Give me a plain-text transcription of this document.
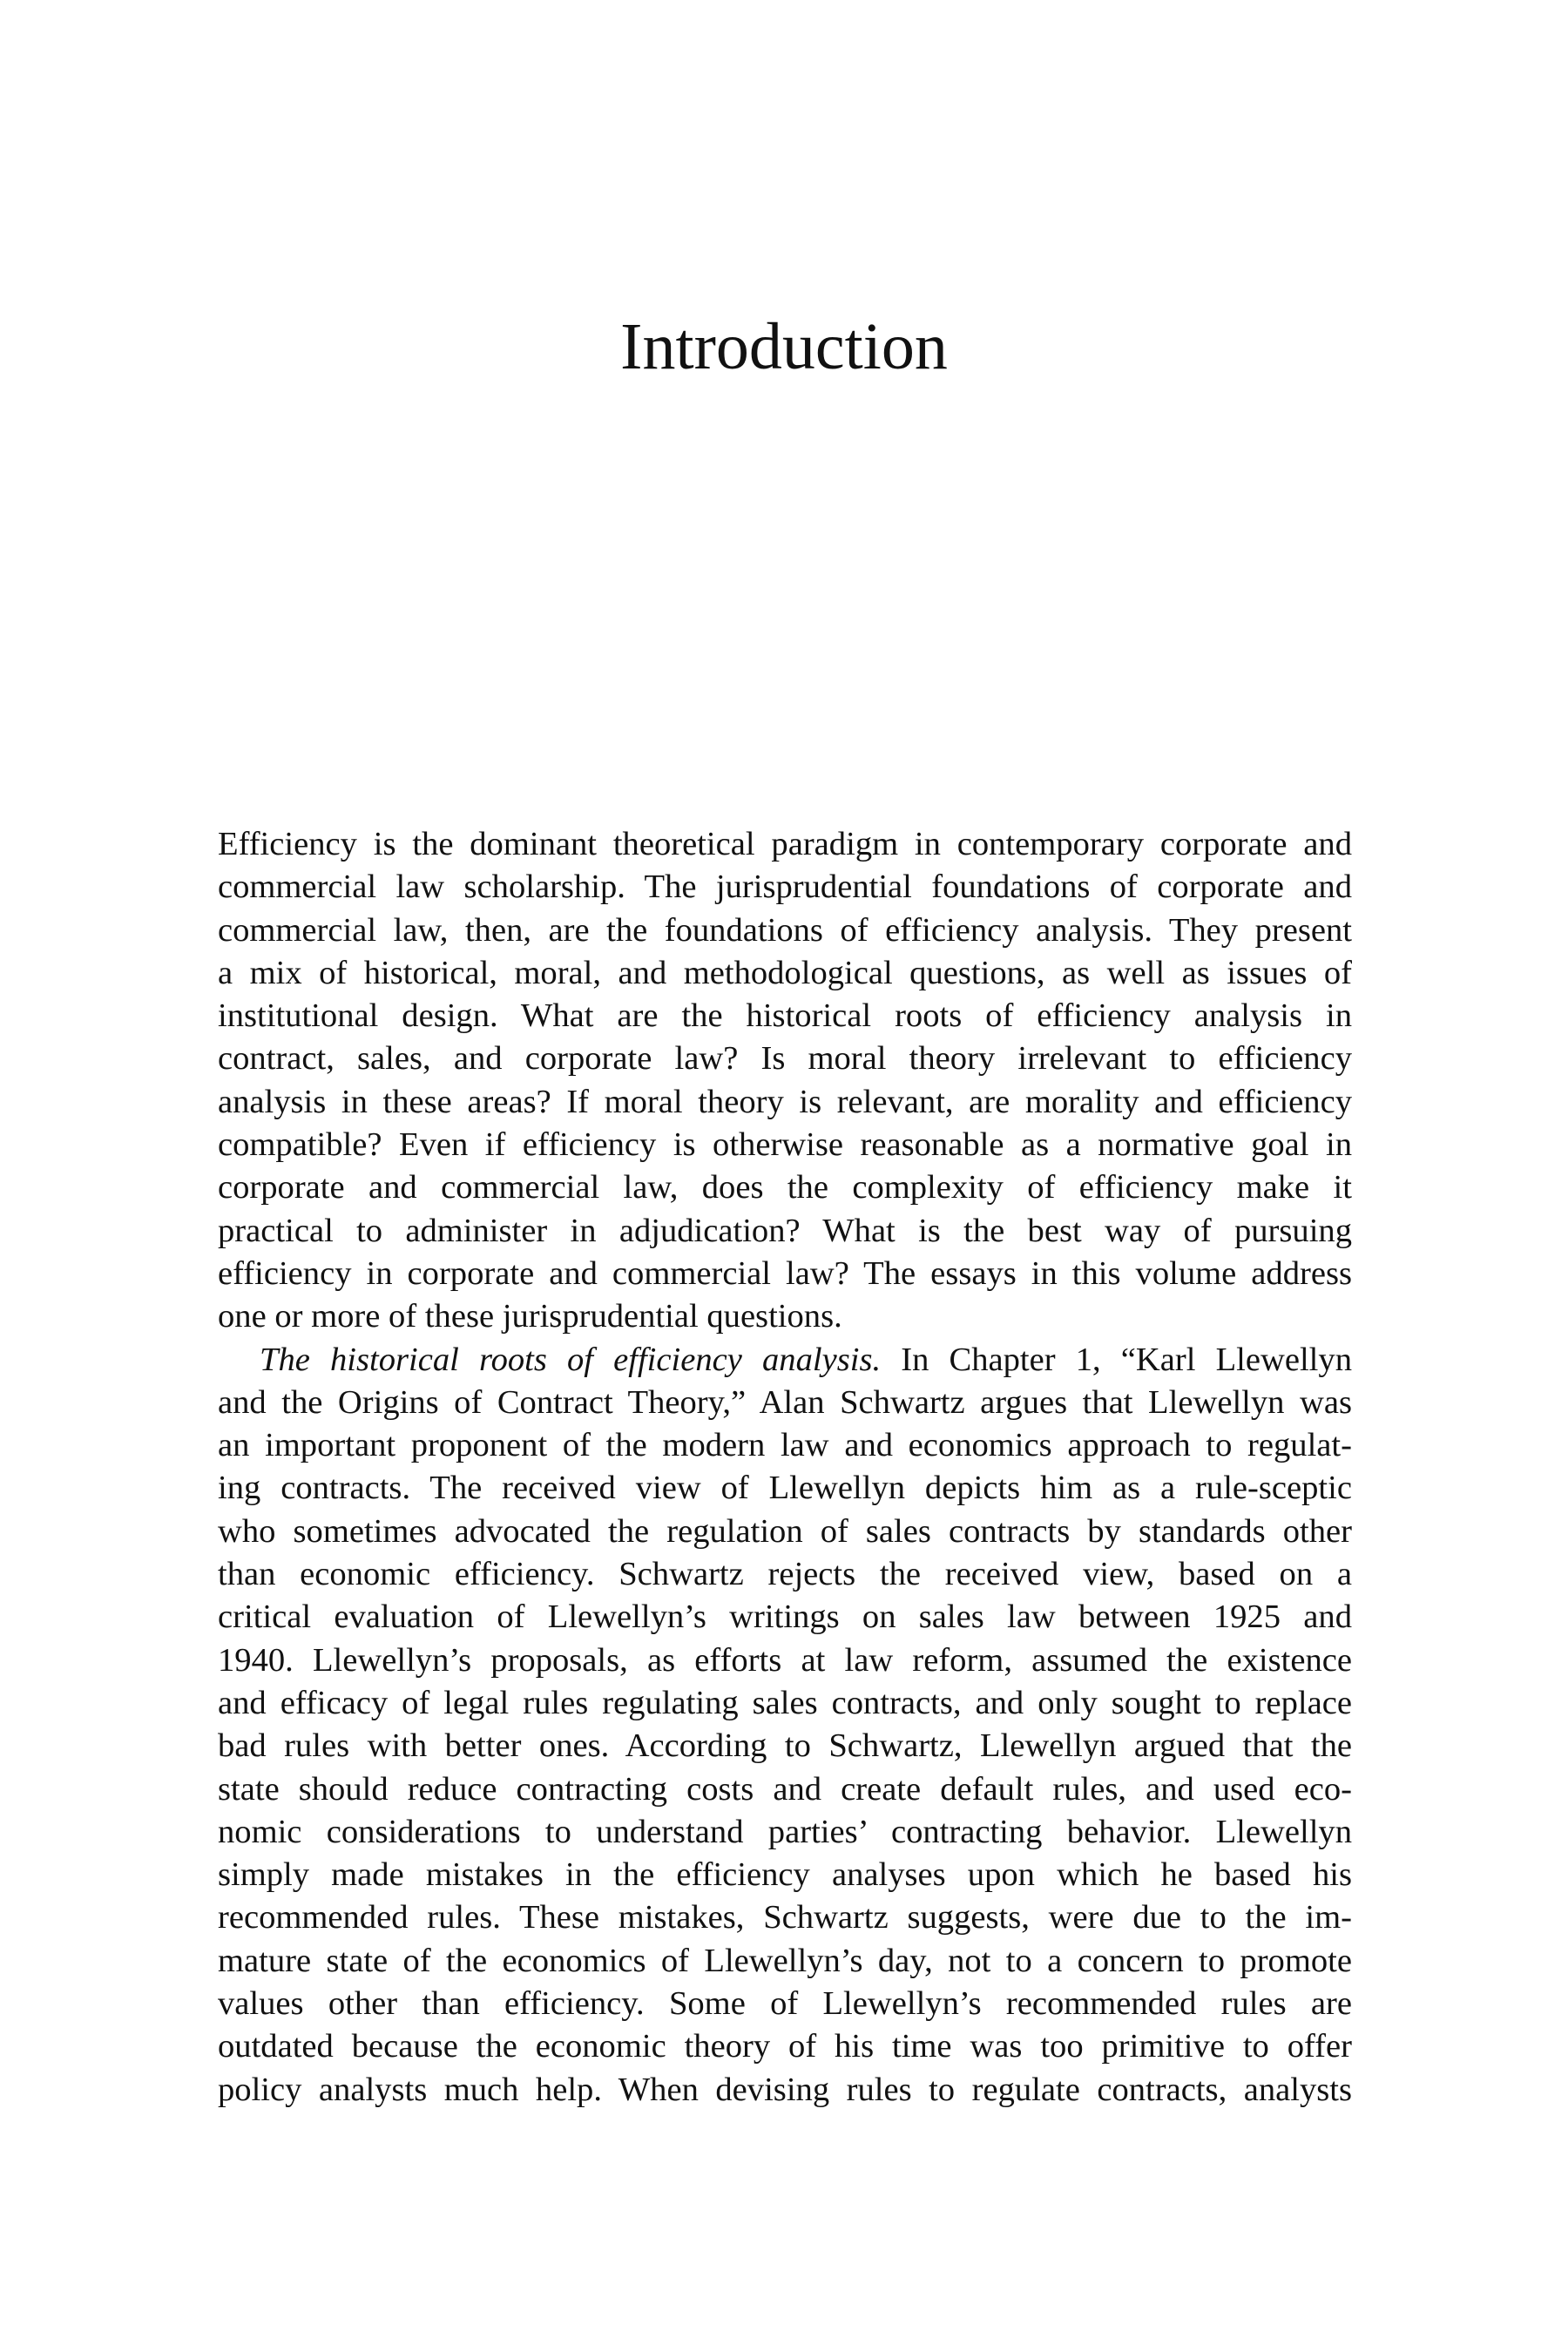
Introduction
Efficiency is the dominant theoretical paradigm in contemporary corporate and
commercial law scholarship. The jurisprudential foundations of corporate and
commercial law, then, are the foundations of efficiency analysis. They present
a mix of historical, moral, and methodological questions, as well as issues of
institutional design. What are the historical roots of efficiency analysis in
contract, sales, and corporate law? Is moral theory irrelevant to efficiency
analysis in these areas? If moral theory is relevant, are morality and efficiency
compatible? Even if efficiency is otherwise reasonable as a normative goal in
corporate and commercial law, does the complexity of efficiency make it
practical to administer in adjudication? What is the best way of pursuing
efficiency in corporate and commercial law? The essays in this volume address
one or more of these jurisprudential questions.
The historical roots of efficiency analysis. In Chapter 1, “Karl Llewellyn
and the Origins of Contract Theory,” Alan Schwartz argues that Llewellyn was
an important proponent of the modern law and economics approach to regulat-
ing contracts. The received view of Llewellyn depicts him as a rule-sceptic
who sometimes advocated the regulation of sales contracts by standards other
than economic efficiency. Schwartz rejects the received view, based on a
critical evaluation of Llewellyn’s writings on sales law between 1925 and
1940. Llewellyn’s proposals, as efforts at law reform, assumed the existence
and efficacy of legal rules regulating sales contracts, and only sought to replace
bad rules with better ones. According to Schwartz, Llewellyn argued that the
state should reduce contracting costs and create default rules, and used eco-
nomic considerations to understand parties’ contracting behavior. Llewellyn
simply made mistakes in the efficiency analyses upon which he based his
recommended rules. These mistakes, Schwartz suggests, were due to the im-
mature state of the economics of Llewellyn’s day, not to a concern to promote
values other than efficiency. Some of Llewellyn’s recommended rules are
outdated because the economic theory of his time was too primitive to offer
policy analysts much help. When devising rules to regulate contracts, analysts
